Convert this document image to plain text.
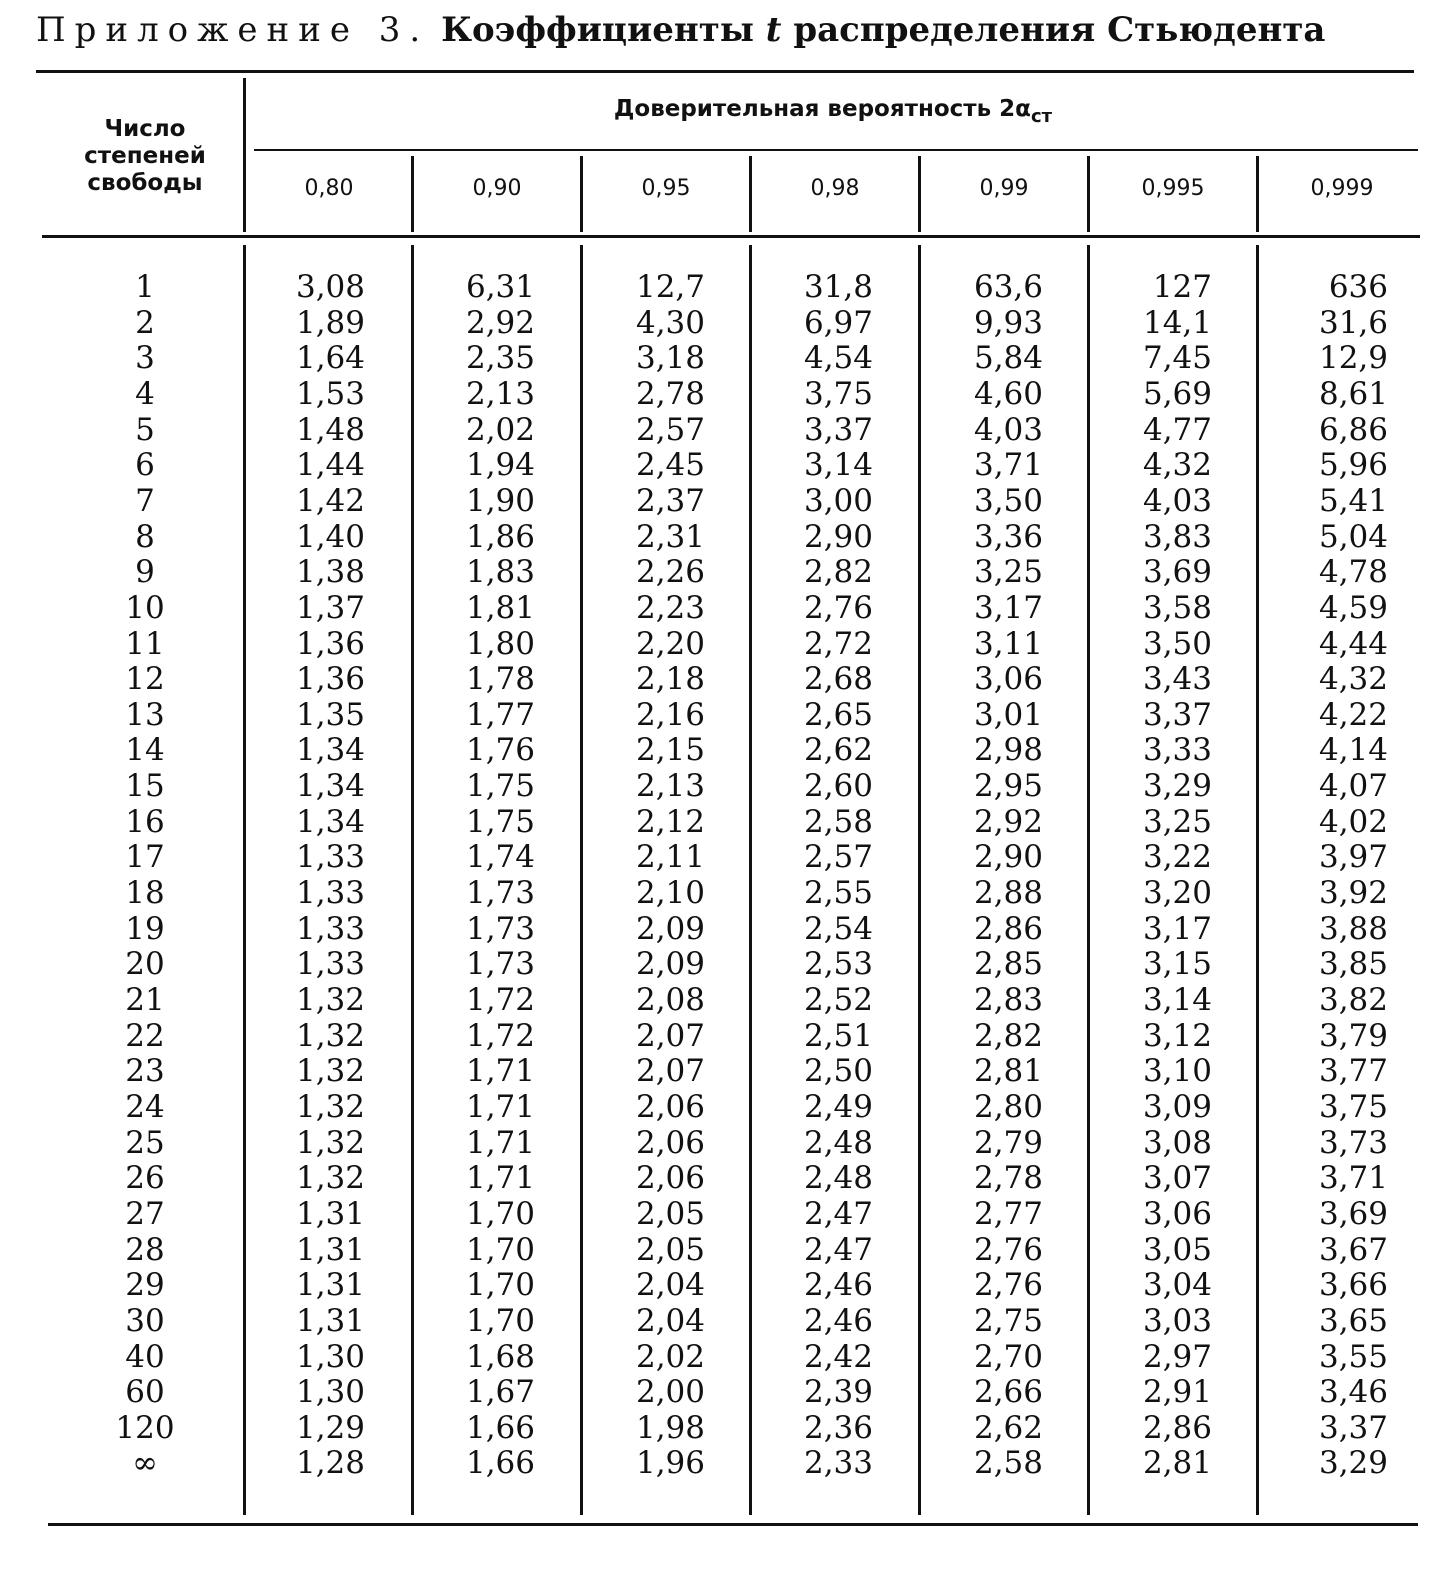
Приложение 3. Коэффициенты t распределения Стьюдента
Число
степеней
свободы
Доверительная вероятность $2\alpha_{ст}$
0,80	0,90	0,95	0,98	0,99	0,995	0,999
1	3,08	6,31	12,7	31,8	63,6	127	636
2	1,89	2,92	4,30	6,97	9,93	14,1	31,6
3	1,64	2,35	3,18	4,54	5,84	7,45	12,9
4	1,53	2,13	2,78	3,75	4,60	5,69	8,61
5	1,48	2,02	2,57	3,37	4,03	4,77	6,86
6	1,44	1,94	2,45	3,14	3,71	4,32	5,96
7	1,42	1,90	2,37	3,00	3,50	4,03	5,41
8	1,40	1,86	2,31	2,90	3,36	3,83	5,04
9	1,38	1,83	2,26	2,82	3,25	3,69	4,78
10	1,37	1,81	2,23	2,76	3,17	3,58	4,59
11	1,36	1,80	2,20	2,72	3,11	3,50	4,44
12	1,36	1,78	2,18	2,68	3,06	3,43	4,32
13	1,35	1,77	2,16	2,65	3,01	3,37	4,22
14	1,34	1,76	2,15	2,62	2,98	3,33	4,14
15	1,34	1,75	2,13	2,60	2,95	3,29	4,07
16	1,34	1,75	2,12	2,58	2,92	3,25	4,02
17	1,33	1,74	2,11	2,57	2,90	3,22	3,97
18	1,33	1,73	2,10	2,55	2,88	3,20	3,92
19	1,33	1,73	2,09	2,54	2,86	3,17	3,88
20	1,33	1,73	2,09	2,53	2,85	3,15	3,85
21	1,32	1,72	2,08	2,52	2,83	3,14	3,82
22	1,32	1,72	2,07	2,51	2,82	3,12	3,79
23	1,32	1,71	2,07	2,50	2,81	3,10	3,77
24	1,32	1,71	2,06	2,49	2,80	3,09	3,75
25	1,32	1,71	2,06	2,48	2,79	3,08	3,73
26	1,32	1,71	2,06	2,48	2,78	3,07	3,71
27	1,31	1,70	2,05	2,47	2,77	3,06	3,69
28	1,31	1,70	2,05	2,47	2,76	3,05	3,67
29	1,31	1,70	2,04	2,46	2,76	3,04	3,66
30	1,31	1,70	2,04	2,46	2,75	3,03	3,65
40	1,30	1,68	2,02	2,42	2,70	2,97	3,55
60	1,30	1,67	2,00	2,39	2,66	2,91	3,46
120	1,29	1,66	1,98	2,36	2,62	2,86	3,37
∞	1,28	1,66	1,96	2,33	2,58	2,81	3,29
